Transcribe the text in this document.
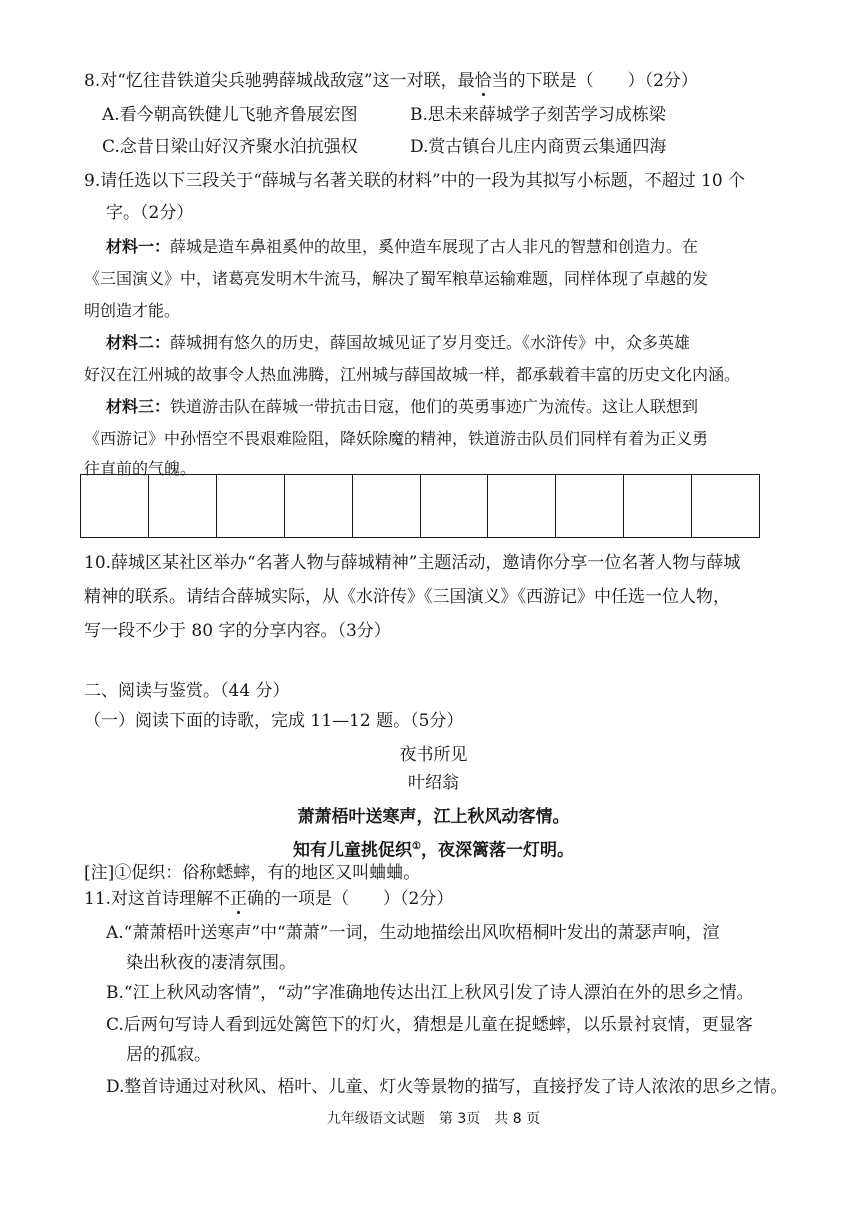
8.对“忆往昔铁道尖兵驰骋薛城战敌寇”这一对联，最恰当的下联是（　　）（2分）
A.看今朝高铁健儿飞驰齐鲁展宏图	B.思未来薛城学子刻苦学习成栋梁
C.念昔日梁山好汉齐聚水泊抗强权	D.赏古镇台儿庄内商贾云集通四海
9.请任选以下三段关于“薛城与名著关联的材料”中的一段为其拟写小标题，不超过 10 个
字。（2分）
材料一：薛城是造车鼻祖奚仲的故里，奚仲造车展现了古人非凡的智慧和创造力。在
《三国演义》中，诸葛亮发明木牛流马，解决了蜀军粮草运输难题，同样体现了卓越的发
明创造才能。
材料二：薛城拥有悠久的历史，薛国故城见证了岁月变迁。《水浒传》中，众多英雄
好汉在江州城的故事令人热血沸腾，江州城与薛国故城一样，都承载着丰富的历史文化内涵。
材料三：铁道游击队在薛城一带抗击日寇，他们的英勇事迹广为流传。这让人联想到
《西游记》中孙悟空不畏艰难险阻，降妖除魔的精神，铁道游击队员们同样有着为正义勇
往直前的气魄。
10.薛城区某社区举办“名著人物与薛城精神”主题活动，邀请你分享一位名著人物与薛城
精神的联系。请结合薛城实际，从《水浒传》《三国演义》《西游记》中任选一位人物，
写一段不少于 80 字的分享内容。（3分）
二、阅读与鉴赏。（44 分）
（一）阅读下面的诗歌，完成 11—12 题。（5分）
夜书所见
叶绍翁
萧萧梧叶送寒声，江上秋风动客情。
知有儿童挑促织①，夜深篱落一灯明。
[注]①促织：俗称蟋蟀，有的地区又叫蛐蛐。
11.对这首诗理解不正确的一项是（　　）（2分）
A.“萧萧梧叶送寒声”中“萧萧”一词，生动地描绘出风吹梧桐叶发出的萧瑟声响，渲
染出秋夜的凄清氛围。
B.“江上秋风动客情”，“动”字准确地传达出江上秋风引发了诗人漂泊在外的思乡之情。
C.后两句写诗人看到远处篱笆下的灯火，猜想是儿童在捉蟋蟀，以乐景衬哀情，更显客
居的孤寂。
D.整首诗通过对秋风、梧叶、儿童、灯火等景物的描写，直接抒发了诗人浓浓的思乡之情。
九年级语文试题　第 3页　共 8 页
